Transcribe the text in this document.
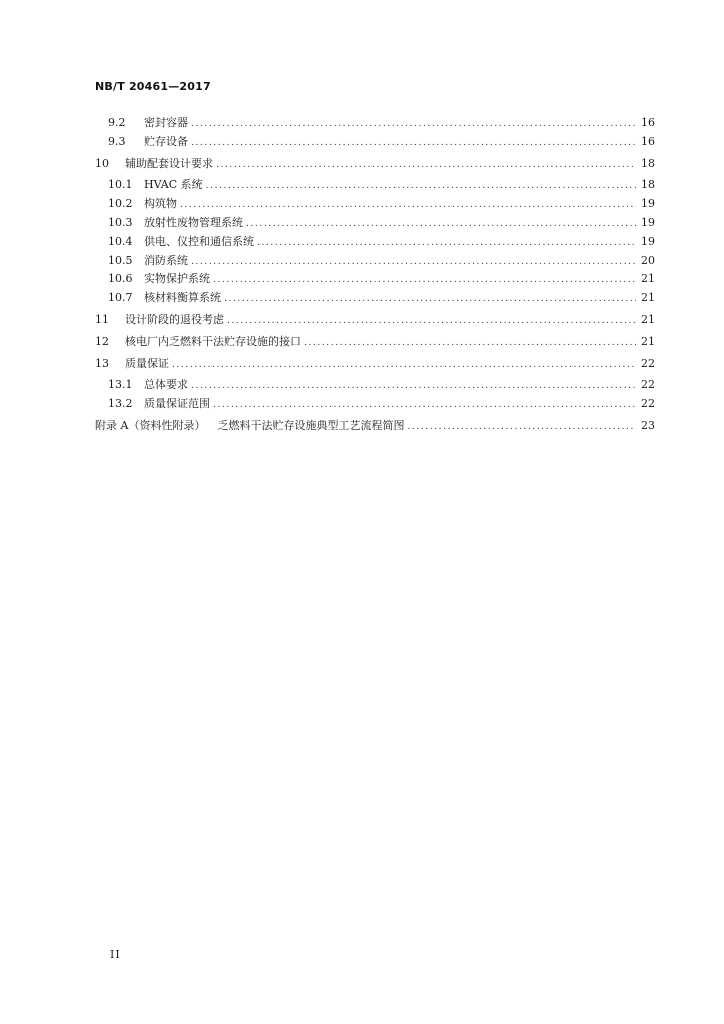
NB/T 20461—2017
9.2	密封容器 .....	16
9.3	贮存设备 .....	16
10	辅助配套设计要求 .....	18
10.1	HVAC 系统 .....	18
10.2	构筑物 .....	19
10.3	放射性废物管理系统 .....	19
10.4	供电、仪控和通信系统 .....	19
10.5	消防系统 .....	20
10.6	实物保护系统 .....	21
10.7	核材料衡算系统 .....	21
11	设计阶段的退役考虑 .....	21
12	核电厂内乏燃料干法贮存设施的接口 .....	21
13	质量保证 .....	22
13.1	总体要求 .....	22
13.2	质量保证范围 .....	22
附录 A（资料性附录） 乏燃料干法贮存设施典型工艺流程简图 .....	23
II
